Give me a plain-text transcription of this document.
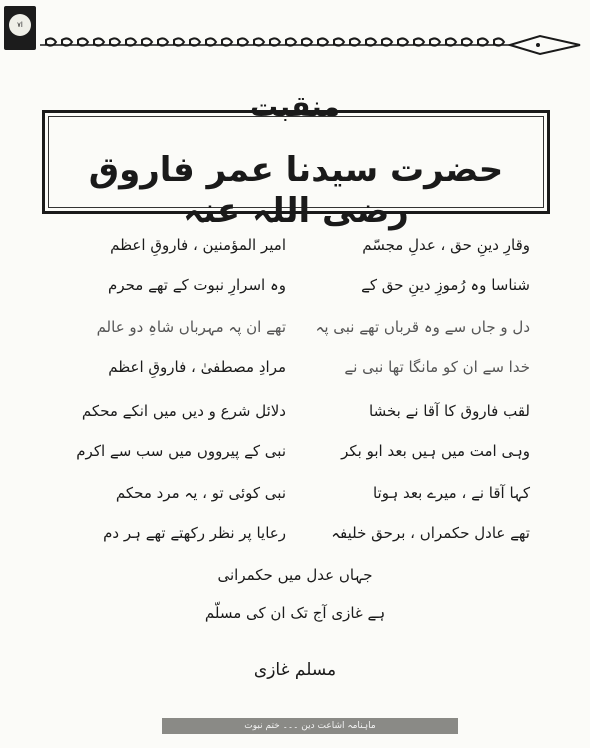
ا۷
منقبت
حضرت سیدنا عمر فاروق رضی اللہ عنہ
وقارِ دینِ حق ، عدلِ مجسّم
امیر المؤمنین ، فاروقِ اعظم
شناسا وہ رُموزِ دینِ حق کے
وہ اسرارِ نبوت کے تھے محرم
دل و جاں سے وہ قرباں تھے نبی پہ
تھے ان پہ مہرباں شاہِ دو عالم
خدا سے ان کو مانگا تھا نبی نے
مرادِ مصطفیٰ ، فاروقِ اعظم
لقب فاروق کا آقا نے بخشا
دلائل شرع و دیں میں انکے محکم
وہی امت میں ہیں بعد ابو بکر
نبی کے پیرووں میں سب سے اکرم
کہا آقا نے ، میرے بعد ہوتا
نبی کوئی تو ، یہ مرد محکم
تھے عادل حکمراں ، برحق خلیفہ
رعایا پر نظر رکھتے تھے ہر دم
جہاں عدل میں حکمرانی
ہے غازی آج تک ان کی مسلّم
مسلم غازی
ماہنامہ اشاعت دین ۔۔۔ ختم نبوت
